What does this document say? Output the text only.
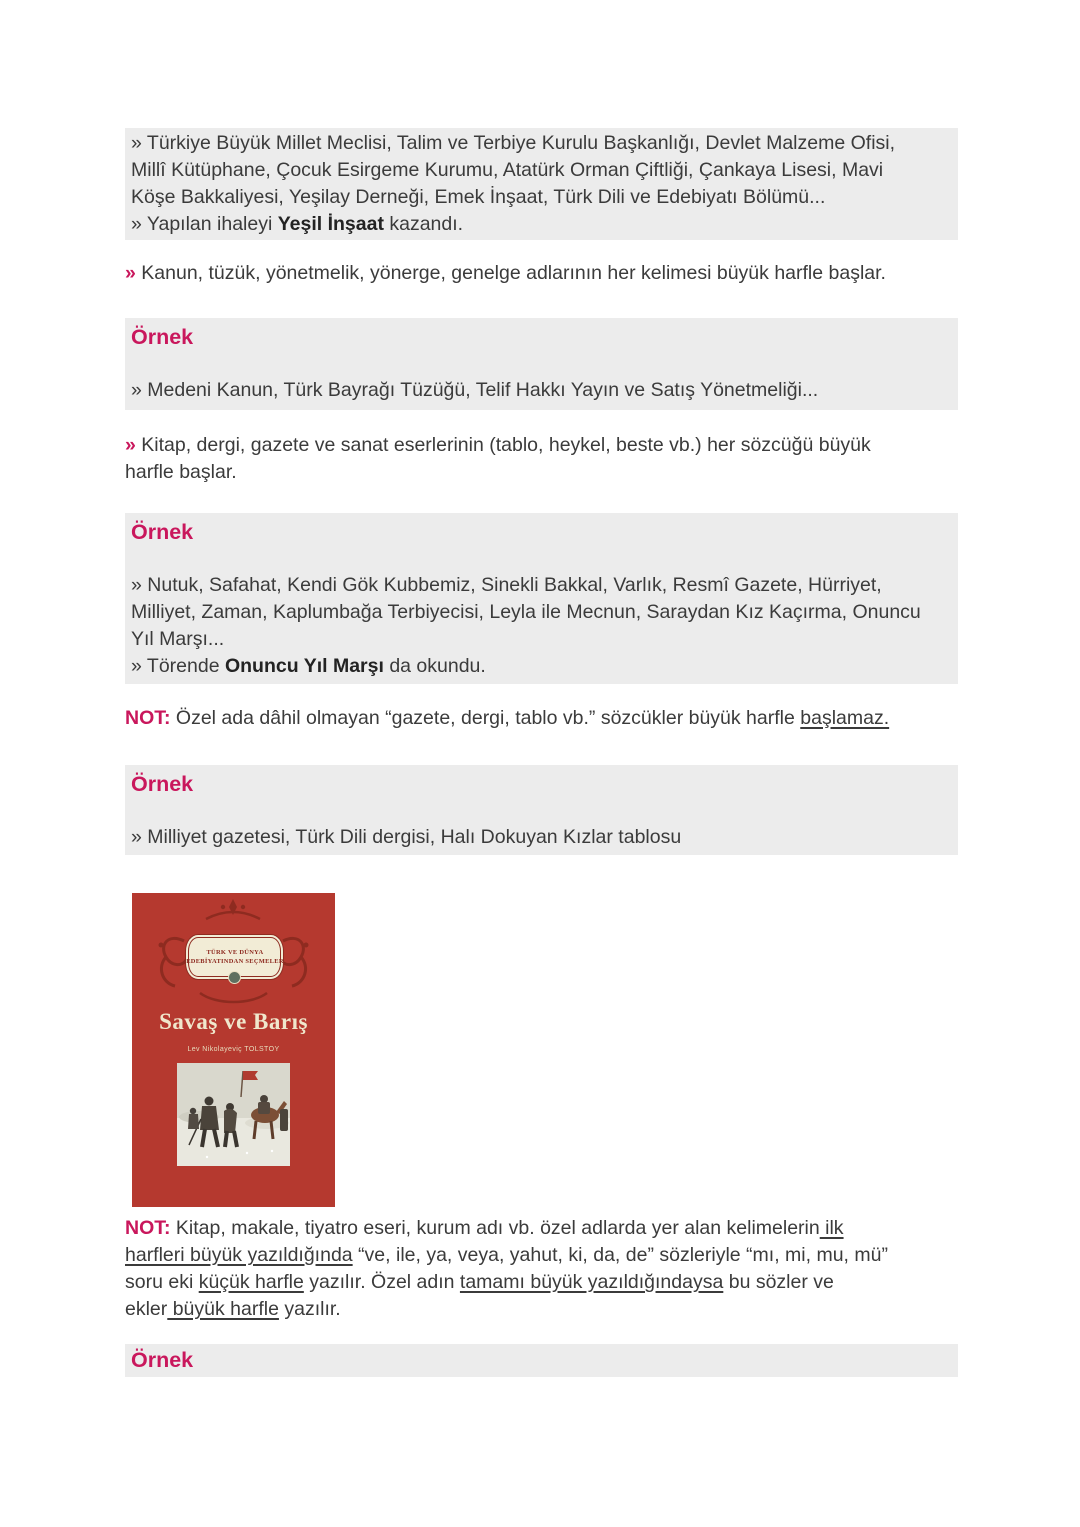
» Türkiye Büyük Millet Meclisi, Talim ve Terbiye Kurulu Başkanlığı, Devlet Malzeme Ofisi,
Millî Kütüphane, Çocuk Esirgeme Kurumu, Atatürk Orman Çiftliği, Çankaya Lisesi, Mavi
Köşe Bakkaliyesi, Yeşilay Derneği, Emek İnşaat, Türk Dili ve Edebiyatı Bölümü...
» Yapılan ihaleyi Yeşil İnşaat kazandı.
» Kanun, tüzük, yönetmelik, yönerge, genelge adlarının her kelimesi büyük harfle başlar.
Örnek
» Medeni Kanun, Türk Bayrağı Tüzüğü, Telif Hakkı Yayın ve Satış Yönetmeliği...
» Kitap, dergi, gazete ve sanat eserlerinin (tablo, heykel, beste vb.) her sözcüğü büyük
harfle başlar.
Örnek
» Nutuk, Safahat, Kendi Gök Kubbemiz, Sinekli Bakkal, Varlık, Resmî Gazete, Hürriyet,
Milliyet, Zaman, Kaplumbağa Terbiyecisi, Leyla ile Mecnun, Saraydan Kız Kaçırma, Onuncu
Yıl Marşı...
» Törende Onuncu Yıl Marşı da okundu.
NOT: Özel ada dâhil olmayan “gazete, dergi, tablo vb.” sözcükler büyük harfle başlamaz.
Örnek
» Milliyet gazetesi, Türk Dili dergisi, Halı Dokuyan Kızlar tablosu
TÜRK VE DÜNYA
EDEBİYATINDAN SEÇMELER
Savaş ve Barış
Lev Nikolayeviç TOLSTOY
NOT: Kitap, makale, tiyatro eseri, kurum adı vb. özel adlarda yer alan kelimelerin ilk
harfleri büyük yazıldığında “ve, ile, ya, veya, yahut, ki, da, de” sözleriyle “mı, mi, mu, mü”
soru eki küçük harfle yazılır. Özel adın tamamı büyük yazıldığındaysa bu sözler ve
ekler büyük harfle yazılır.
Örnek
